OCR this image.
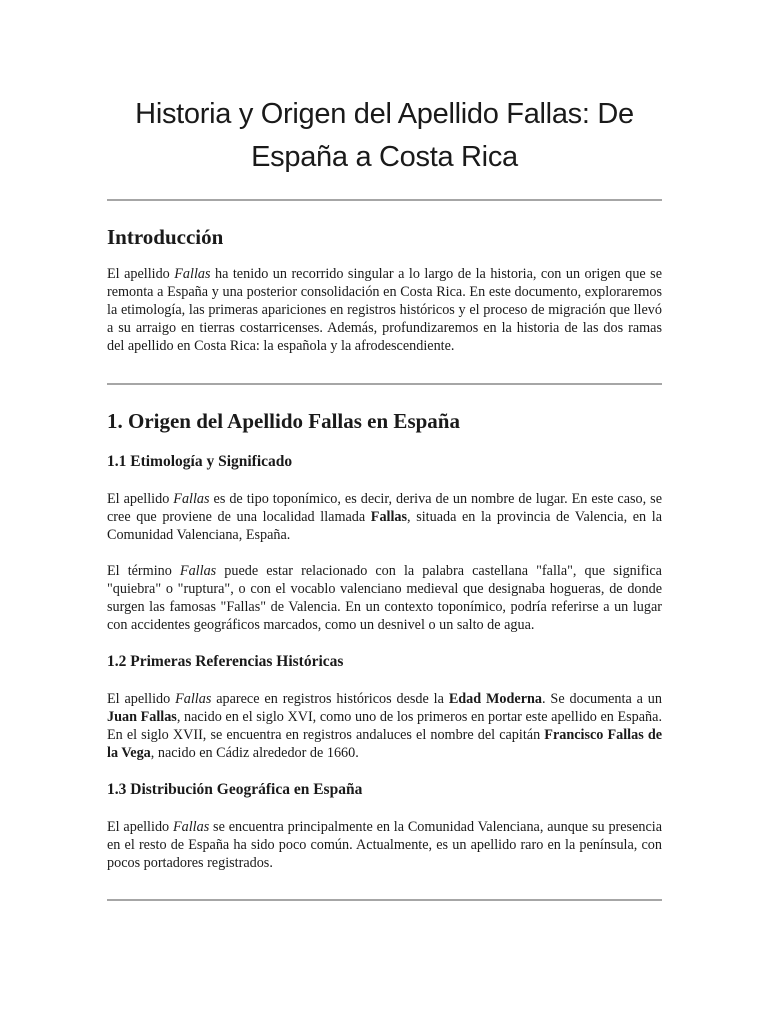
Historia y Origen del Apellido Fallas: De España a Costa Rica
Introducción

El apellido Fallas ha tenido un recorrido singular a lo largo de la historia, con un origen que se remonta a España y una posterior consolidación en Costa Rica. En este documento, exploraremos la etimología, las primeras apariciones en registros históricos y el proceso de migración que llevó a su arraigo en tierras costarricenses. Además, profundizaremos en la historia de las dos ramas del apellido en Costa Rica: la española y la afrodescendiente.

1. Origen del Apellido Fallas en España
1.1 Etimología y Significado

El apellido Fallas es de tipo toponímico, es decir, deriva de un nombre de lugar. En este caso, se cree que proviene de una localidad llamada Fallas, situada en la provincia de Valencia, en la Comunidad Valenciana, España.

El término Fallas puede estar relacionado con la palabra castellana "falla", que significa "quiebra" o "ruptura", o con el vocablo valenciano medieval que designaba hogueras, de donde surgen las famosas "Fallas" de Valencia. En un contexto toponímico, podría referirse a un lugar con accidentes geográficos marcados, como un desnivel o un salto de agua.

1.2 Primeras Referencias Históricas

El apellido Fallas aparece en registros históricos desde la Edad Moderna. Se documenta a un Juan Fallas, nacido en el siglo XVI, como uno de los primeros en portar este apellido en España. En el siglo XVII, se encuentra en registros andaluces el nombre del capitán Francisco Fallas de la Vega, nacido en Cádiz alrededor de 1660.

1.3 Distribución Geográfica en España

El apellido Fallas se encuentra principalmente en la Comunidad Valenciana, aunque su presencia en el resto de España ha sido poco común. Actualmente, es un apellido raro en la península, con pocos portadores registrados.
